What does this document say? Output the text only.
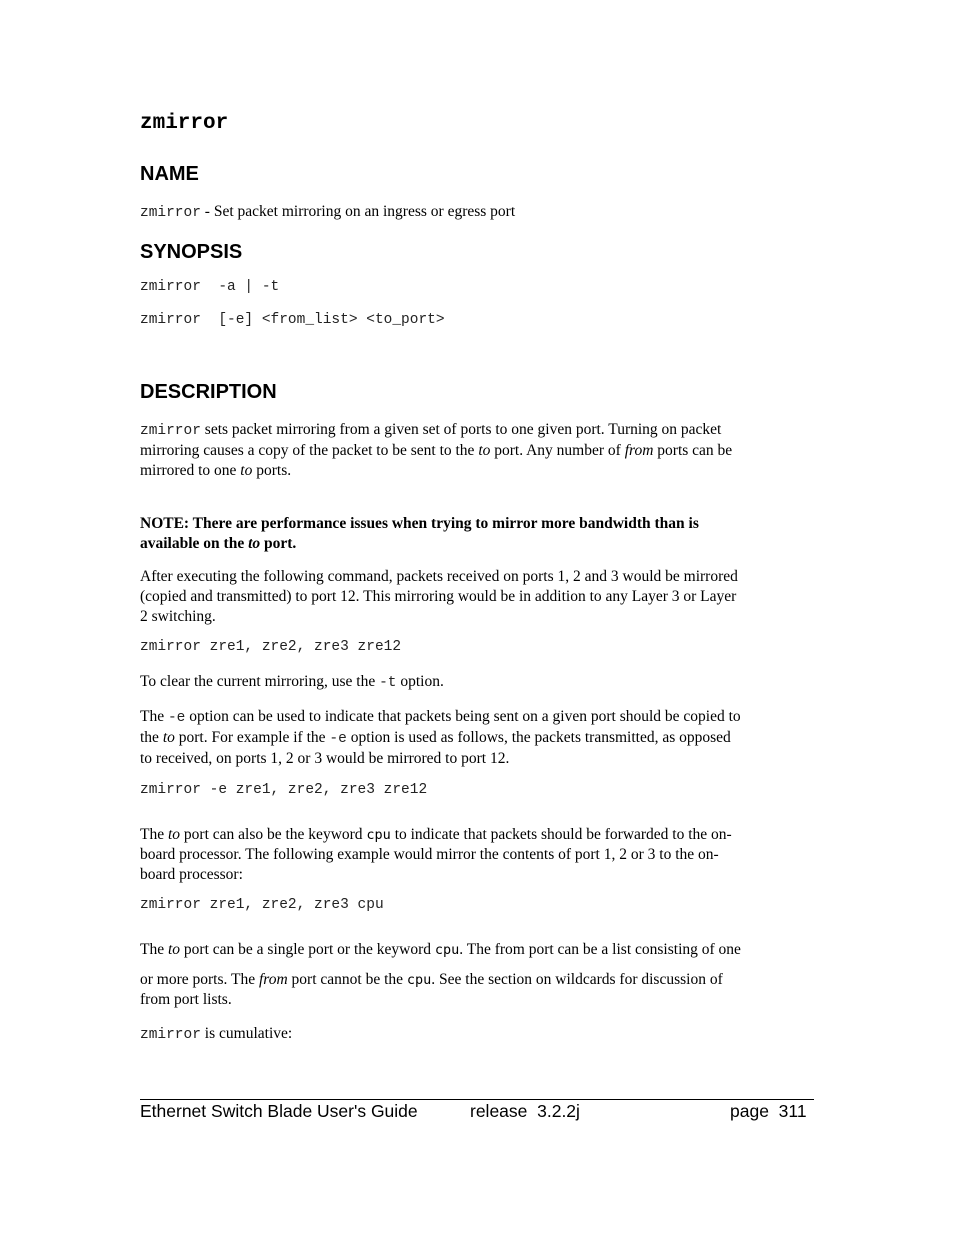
zmirror
NAME
zmirror - Set packet mirroring on an ingress or egress port
SYNOPSIS
zmirror  -a | -t
zmirror  [-e] <from_list> <to_port>
DESCRIPTION
zmirror sets packet mirroring from a given set of ports to one given port. Turning on packet
mirroring causes a copy of the packet to be sent to the to port. Any number of from ports can be
mirrored to one to ports.
NOTE: There are performance issues when trying to mirror more bandwidth than is
available on the to port.
After executing the following command, packets received on ports 1, 2 and 3 would be mirrored
(copied and transmitted) to port 12. This mirroring would be in addition to any Layer 3 or Layer
2 switching.
zmirror zre1, zre2, zre3 zre12
To clear the current mirroring, use the -t option.
The -e option can be used to indicate that packets being sent on a given port should be copied to
the to port. For example if the -e option is used as follows, the packets transmitted, as opposed
to received, on ports 1, 2 or 3 would be mirrored to port 12.
zmirror -e zre1, zre2, zre3 zre12
The to port can also be the keyword cpu to indicate that packets should be forwarded to the on-
board processor. The following example would mirror the contents of port 1, 2 or 3 to the on-
board processor:
zmirror zre1, zre2, zre3 cpu
The to port can be a single port or the keyword cpu. The from port can be a list consisting of one
or more ports. The from port cannot be the cpu. See the section on wildcards for discussion of
from port lists.
zmirror is cumulative:
Ethernet Switch Blade User's Guide	release  3.2.2j	page  311
